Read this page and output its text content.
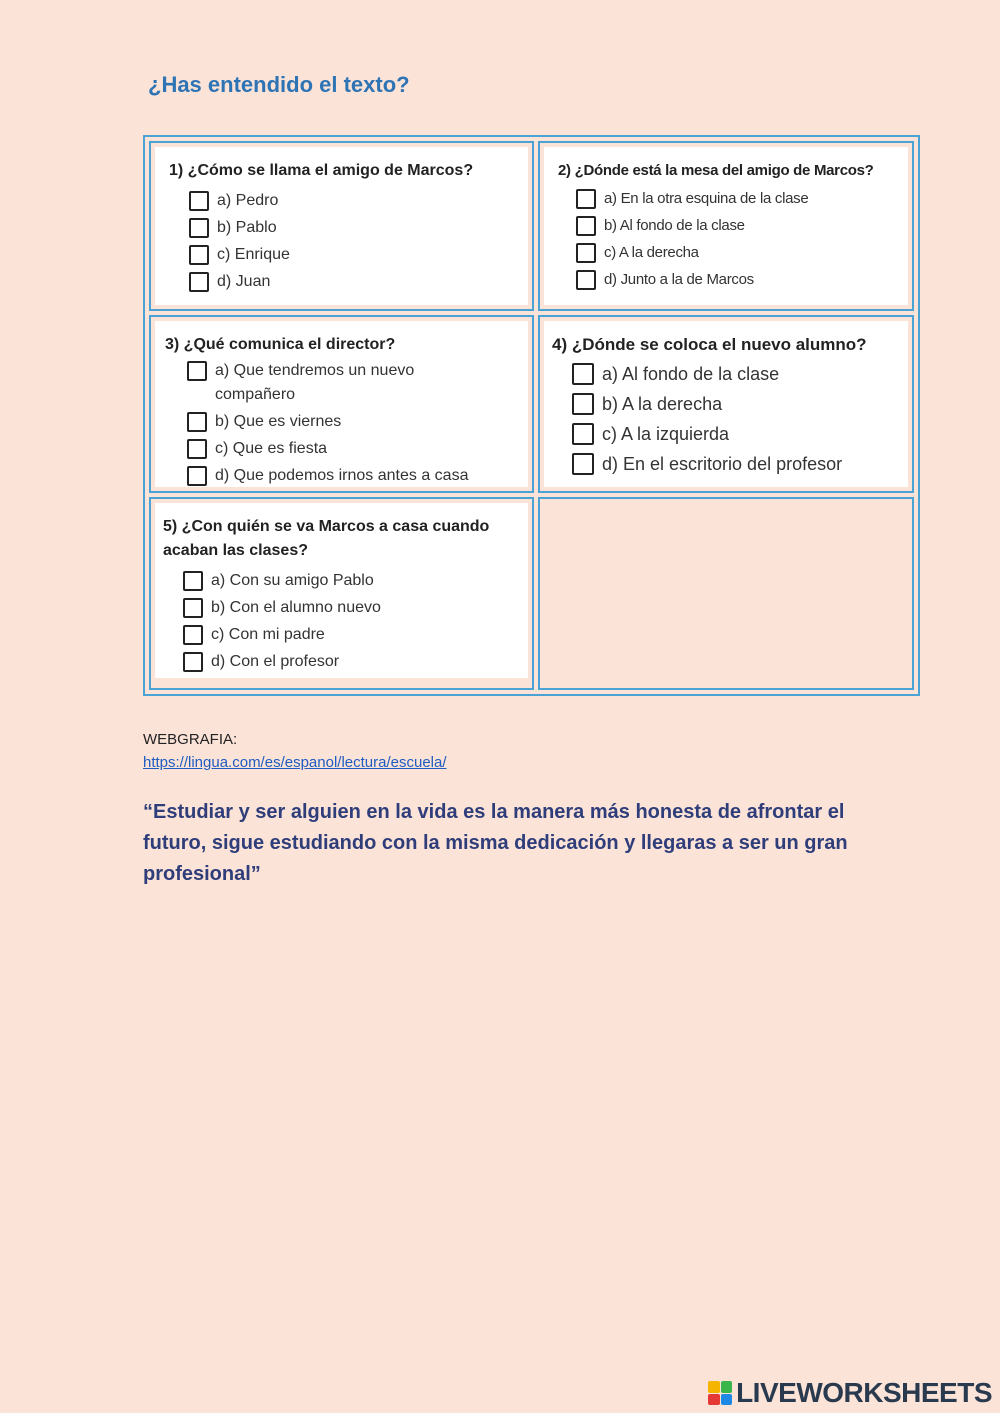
¿Has entendido el texto?
1) ¿Cómo se llama el amigo de Marcos?
a) Pedro
b) Pablo
c) Enrique
d) Juan
2) ¿Dónde está la mesa del amigo de Marcos?
a) En la otra esquina de la clase
b) Al fondo de la clase
c) A la derecha
d) Junto a la de Marcos
3) ¿Qué comunica el director?
a) Que tendremos un nuevo compañero
b) Que es viernes
c) Que es fiesta
d) Que podemos irnos antes a casa
4) ¿Dónde se coloca el nuevo alumno?
a) Al fondo de la clase
b) A la derecha
c) A la izquierda
d) En el escritorio del profesor
5) ¿Con quién se va Marcos a casa cuando acaban las clases?
a) Con su amigo Pablo
b) Con el alumno nuevo
c) Con mi padre
d) Con el profesor
WEBGRAFIA:
https://lingua.com/es/espanol/lectura/escuela/
“Estudiar y ser alguien en la vida es la manera más honesta de afrontar el futuro, sigue estudiando con la misma dedicación y llegaras a ser un gran profesional”
LIVEWORKSHEETS
